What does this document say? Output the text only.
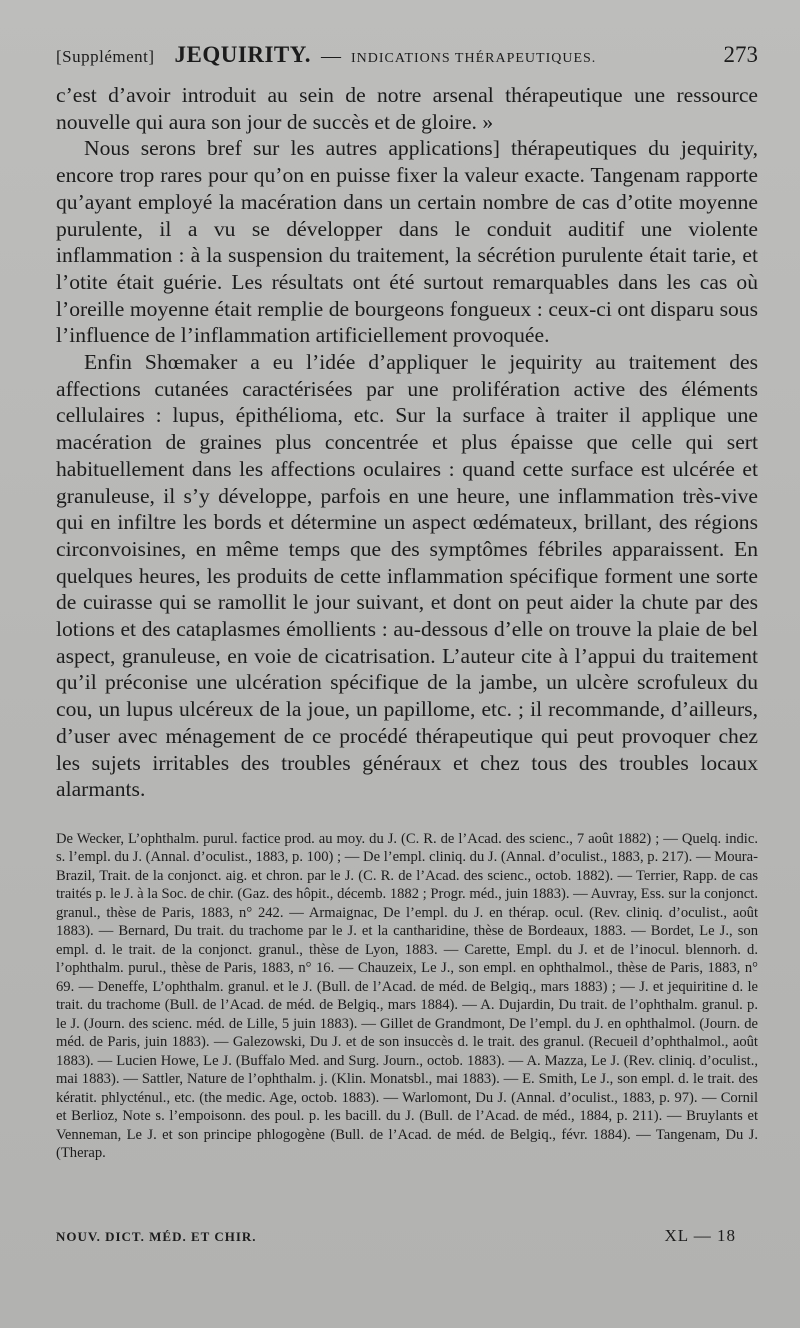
[Supplément] JEQUIRITY. — INDICATIONS THÉRAPEUTIQUES.	273

c’est d’avoir introduit au sein de notre arsenal thérapeutique une ressource nouvelle qui aura son jour de succès et de gloire. »

Nous serons bref sur les autres applications] thérapeutiques du jequirity, encore trop rares pour qu’on en puisse fixer la valeur exacte. Tangenam rapporte qu’ayant employé la macération dans un certain nombre de cas d’otite moyenne purulente, il a vu se développer dans le conduit auditif une violente inflammation : à la suspension du traitement, la sécrétion purulente était tarie, et l’otite était guérie. Les résultats ont été surtout remarquables dans les cas où l’oreille moyenne était remplie de bourgeons fongueux : ceux-ci ont disparu sous l’influence de l’inflammation artificiellement provoquée.

Enfin Shœmaker a eu l’idée d’appliquer le jequirity au traitement des affections cutanées caractérisées par une prolifération active des éléments cellulaires : lupus, épithélioma, etc. Sur la surface à traiter il applique une macération de graines plus concentrée et plus épaisse que celle qui sert habituellement dans les affections oculaires : quand cette surface est ulcérée et granuleuse, il s’y développe, parfois en une heure, une inflammation très-vive qui en infiltre les bords et détermine un aspect œdémateux, brillant, des régions circonvoisines, en même temps que des symptômes fébriles apparaissent. En quelques heures, les produits de cette inflammation spécifique forment une sorte de cuirasse qui se ramollit le jour suivant, et dont on peut aider la chute par des lotions et des cataplasmes émollients : au-dessous d’elle on trouve la plaie de bel aspect, granuleuse, en voie de cicatrisation. L’auteur cite à l’appui du traitement qu’il préconise une ulcération spécifique de la jambe, un ulcère scrofuleux du cou, un lupus ulcéreux de la joue, un papillome, etc. ; il recommande, d’ailleurs, d’user avec ménagement de ce procédé thérapeutique qui peut provoquer chez les sujets irritables des troubles généraux et chez tous des troubles locaux alarmants.

De Wecker, L’ophthalm. purul. factice prod. au moy. du J. (C. R. de l’Acad. des scienc., 7 août 1882) ; — Quelq. indic. s. l’empl. du J. (Annal. d’oculist., 1883, p. 100) ; — De l’empl. cliniq. du J. (Annal. d’oculist., 1883, p. 217). — Moura-Brazil, Trait. de la conjonct. aig. et chron. par le J. (C. R. de l’Acad. des scienc., octob. 1882). — Terrier, Rapp. de cas traités p. le J. à la Soc. de chir. (Gaz. des hôpit., décemb. 1882 ; Progr. méd., juin 1883). — Auvray, Ess. sur la conjonct. granul., thèse de Paris, 1883, n° 242. — Armaignac, De l’empl. du J. en thérap. ocul. (Rev. cliniq. d’oculist., août 1883). — Bernard, Du trait. du trachome par le J. et la cantharidine, thèse de Bordeaux, 1883. — Bordet, Le J., son empl. d. le trait. de la conjonct. granul., thèse de Lyon, 1883. — Carette, Empl. du J. et de l’inocul. blennorh. d. l’ophthalm. purul., thèse de Paris, 1883, n° 16. — Chauzeix, Le J., son empl. en ophthalmol., thèse de Paris, 1883, n° 69. — Deneffe, L’ophthalm. granul. et le J. (Bull. de l’Acad. de méd. de Belgiq., mars 1883) ; — J. et jequiritine d. le trait. du trachome (Bull. de l’Acad. de méd. de Belgiq., mars 1884). — A. Dujardin, Du trait. de l’ophthalm. granul. p. le J. (Journ. des scienc. méd. de Lille, 5 juin 1883). — Gillet de Grandmont, De l’empl. du J. en ophthalmol. (Journ. de méd. de Paris, juin 1883). — Galezowski, Du J. et de son insuccès d. le trait. des granul. (Recueil d’ophthalmol., août 1883). — Lucien Howe, Le J. (Buffalo Med. and Surg. Journ., octob. 1883). — A. Mazza, Le J. (Rev. cliniq. d’oculist., mai 1883). — Sattler, Nature de l’ophthalm. j. (Klin. Monatsbl., mai 1883). — E. Smith, Le J., son empl. d. le trait. des kératit. phlycténul., etc. (the medic. Age, octob. 1883). — Warlomont, Du J. (Annal. d’oculist., 1883, p. 97). — Cornil et Berlioz, Note s. l’empoisonn. des poul. p. les bacill. du J. (Bull. de l’Acad. de méd., 1884, p. 211). — Bruylants et Venneman, Le J. et son principe phlogogène (Bull. de l’Acad. de méd. de Belgiq., févr. 1884). — Tangenam, Du J. (Therap.

NOUV. DICT. MÉD. ET CHIR.	XL — 18
